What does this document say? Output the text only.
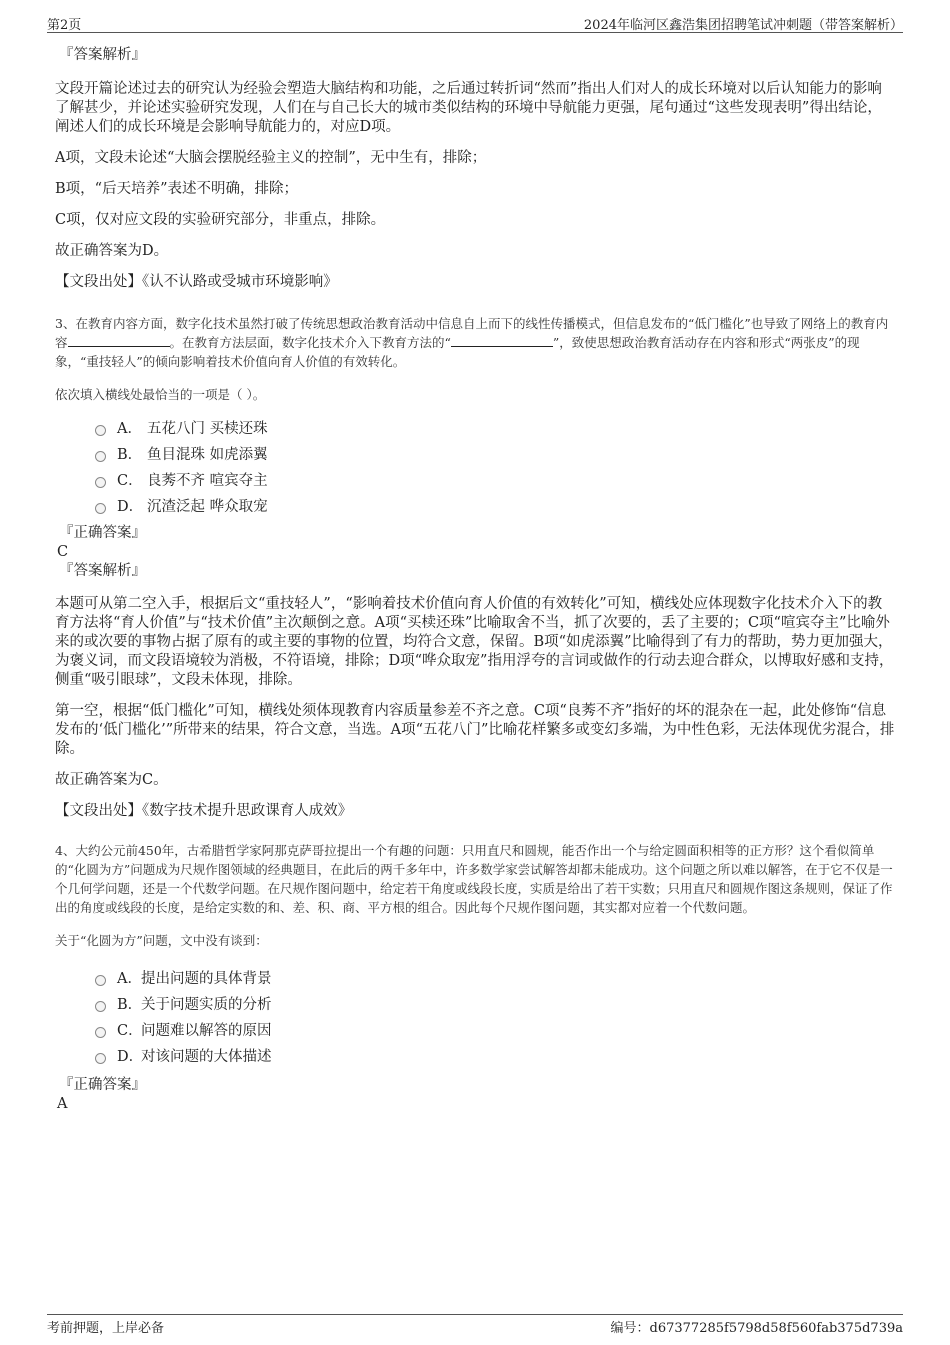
第2页	2024年临河区鑫浩集团招聘笔试冲刺题（带答案解析）

『答案解析』

文段开篇论述过去的研究认为经验会塑造大脑结构和功能，之后通过转折词“然而”指出人们对人的成长环境对以后认知能力的影响了解甚少，并论述实验研究发现，人们在与自己长大的城市类似结构的环境中导航能力更强，尾句通过“这些发现表明”得出结论，阐述人们的成长环境是会影响导航能力的，对应D项。

A项，文段未论述“大脑会摆脱经验主义的控制”，无中生有，排除；

B项，“后天培养”表述不明确，排除；

C项，仅对应文段的实验研究部分，非重点，排除。

故正确答案为D。

【文段出处】《认不认路或受城市环境影响》

3、在教育内容方面，数字化技术虽然打破了传统思想政治教育活动中信息自上而下的线性传播模式，但信息发布的“低门槛化”也导致了网络上的教育内容	。在教育方法层面，数字化技术介入下教育方法的“	”，致使思想政治教育活动存在内容和形式“两张皮”的现象，“重技轻人”的倾向影响着技术价值向育人价值的有效转化。

依次填入横线处最恰当的一项是（ ）。

A． 五花八门 买椟还珠
B． 鱼目混珠 如虎添翼
C． 良莠不齐 喧宾夺主
D． 沉渣泛起 哗众取宠

『正确答案』

C

『答案解析』

本题可从第二空入手，根据后文“重技轻人”，“影响着技术价值向育人价值的有效转化”可知，横线处应体现数字化技术介入下的教育方法将“育人价值”与“技术价值”主次颠倒之意。A项“买椟还珠”比喻取舍不当，抓了次要的，丢了主要的；C项“喧宾夺主”比喻外来的或次要的事物占据了原有的或主要的事物的位置，均符合文意，保留。B项“如虎添翼”比喻得到了有力的帮助，势力更加强大，为褒义词，而文段语境较为消极，不符语境，排除；D项“哗众取宠”指用浮夸的言词或做作的行动去迎合群众，以博取好感和支持，侧重“吸引眼球”，文段未体现，排除。

第一空，根据“低门槛化”可知，横线处须体现教育内容质量参差不齐之意。C项“良莠不齐”指好的坏的混杂在一起，此处修饰“信息发布的‘低门槛化’”所带来的结果，符合文意，当选。A项“五花八门”比喻花样繁多或变幻多端，为中性色彩，无法体现优劣混合，排除。

故正确答案为C。

【文段出处】《数字技术提升思政课育人成效》

4、大约公元前450年，古希腊哲学家阿那克萨哥拉提出一个有趣的问题：只用直尺和圆规，能否作出一个与给定圆面积相等的正方形？这个看似简单的“化圆为方”问题成为尺规作图领域的经典题目，在此后的两千多年中，许多数学家尝试解答却都未能成功。这个问题之所以难以解答，在于它不仅是一个几何学问题，还是一个代数学问题。在尺规作图问题中，给定若干角度或线段长度，实质是给出了若干实数；只用直尺和圆规作图这条规则，保证了作出的角度或线段的长度，是给定实数的和、差、积、商、平方根的组合。因此每个尺规作图问题，其实都对应着一个代数问题。

关于“化圆为方”问题，文中没有谈到：

A．提出问题的具体背景
B．关于问题实质的分析
C．问题难以解答的原因
D．对该问题的大体描述

『正确答案』

A

考前押题，上岸必备	编号：d67377285f5798d58f560fab375d739a
